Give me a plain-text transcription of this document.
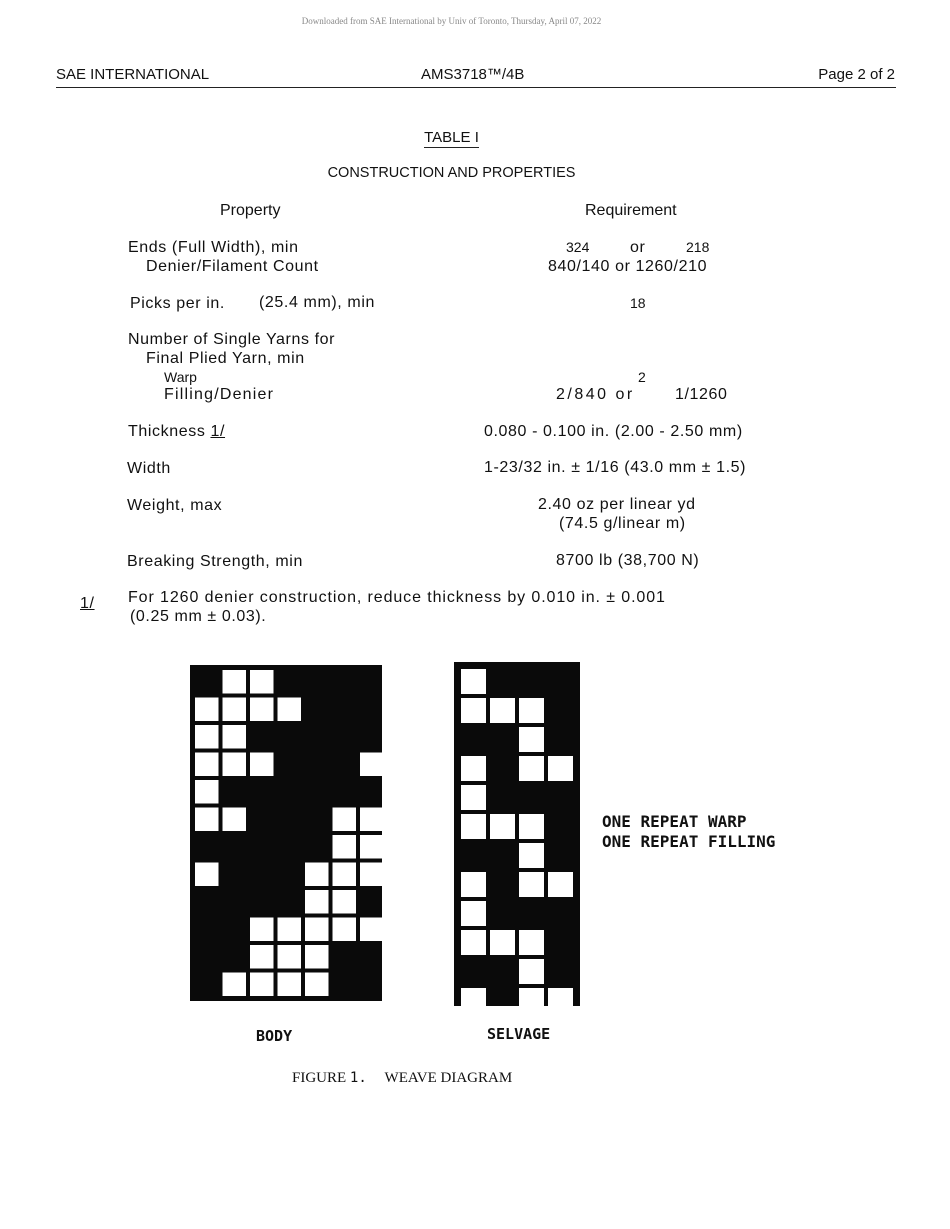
Downloaded from SAE International by Univ of Toronto, Thursday, April 07, 2022
SAE INTERNATIONAL	AMS3718™/4B	Page 2 of 2
TABLE I
CONSTRUCTION AND PROPERTIES
Property	Requirement
Ends (Full Width), min	324	or	218
Denier/Filament Count	840/140 or 1260/210
Picks per in. (25.4 mm), min	18
Number of Single Yarns for
Final Plied Yarn, min
Warp	2
Filling/Denier	2/840 or	1/1260
Thickness 1/	0.080 - 0.100 in. (2.00 - 2.50 mm)
Width	1-23/32 in. ± 1/16 (43.0 mm ± 1.5)
Weight, max	2.40 oz per linear yd
(74.5 g/linear m)
Breaking Strength, min	8700 lb (38,700 N)
1/ For 1260 denier construction, reduce thickness by 0.010 in. ± 0.001
(0.25 mm ± 0.03).
ONE REPEAT WARP
ONE REPEAT FILLING
BODY	SELVAGE
FIGURE 1. WEAVE DIAGRAM
